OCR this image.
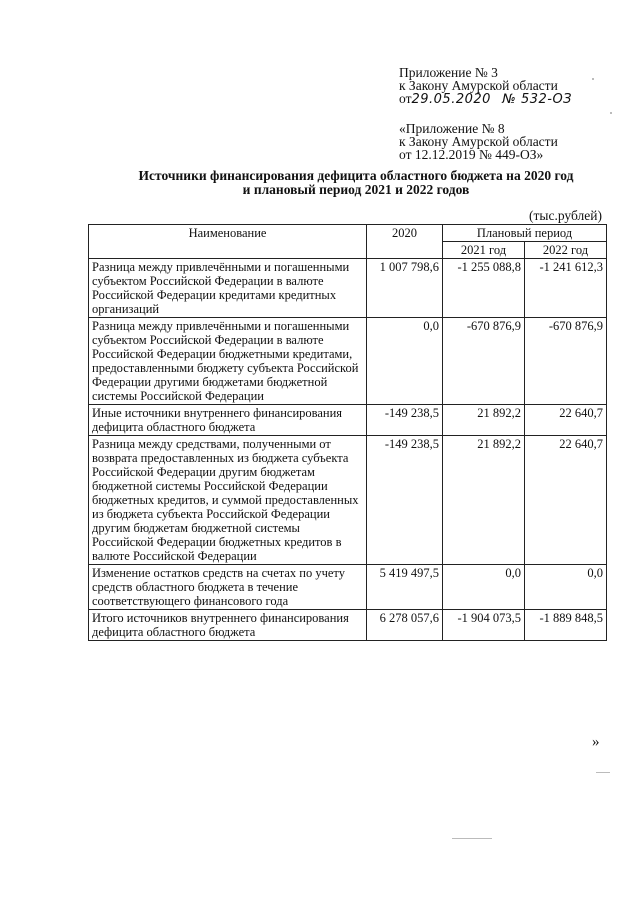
Приложение № 3
к Закону Амурской области
от29.05.2020 № 532-ОЗ
«Приложение № 8
к Закону Амурской области
от 12.12.2019 № 449-ОЗ»
Источники финансирования дефицита областного бюджета на 2020 год
и плановый период 2021 и 2022 годов
(тыс.рублей)
Наименование	2020	Плановый период	
		2021 год	2022 год
Разница между привлечёнными и погашенными субъектом Российской Федерации в валюте Российской Федерации кредитами кредитных организаций	1 007 798,6	-1 255 088,8	-1 241 612,3
Разница между привлечёнными и погашенными субъектом Российской Федерации в валюте Российской Федерации бюджетными кредитами, предоставленными бюджету субъекта Российской Федерации другими бюджетами бюджетной системы Российской Федерации	0,0	-670 876,9	-670 876,9
Иные источники внутреннего финансирования дефицита областного бюджета	-149 238,5	21 892,2	22 640,7
Разница между средствами, полученными от возврата предоставленных из бюджета субъекта Российской Федерации другим бюджетам бюджетной системы Российской Федерации бюджетных кредитов, и суммой предоставленных из бюджета субъекта Российской Федерации другим бюджетам бюджетной системы Российской Федерации бюджетных кредитов в валюте Российской Федерации	-149 238,5	21 892,2	22 640,7
Изменение остатков средств на счетах по учету средств областного бюджета в течение соответствующего финансового года	5 419 497,5	0,0	0,0
Итого источников внутреннего финансирования дефицита областного бюджета	6 278 057,6	-1 904 073,5	-1 889 848,5
»
